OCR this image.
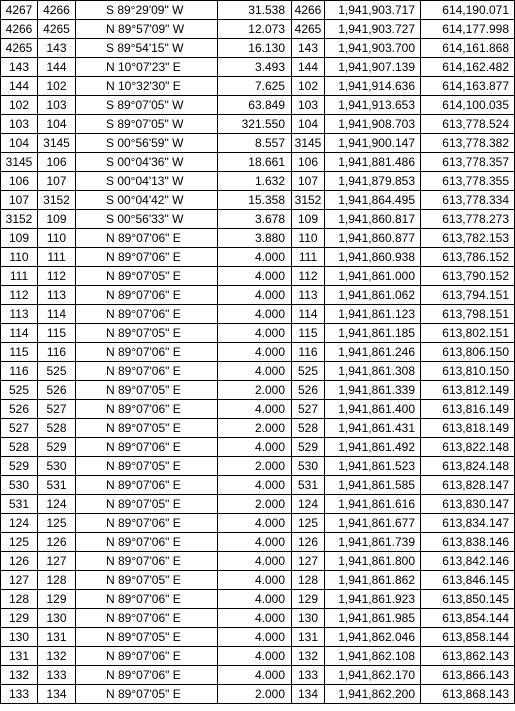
4267	4266	S 89°29'09" W	31.538	4266	1,941,903.717	614,190.071
4266	4265	N 89°57'09" W	12.073	4265	1,941,903.727	614,177.998
4265	143	S 89°54'15" W	16.130	143	1,941,903.700	614,161.868
143	144	N 10°07'23" E	3.493	144	1,941,907.139	614,162.482
144	102	N 10°32'30" E	7.625	102	1,941,914.636	614,163.877
102	103	S 89°07'05" W	63.849	103	1,941,913.653	614,100.035
103	104	S 89°07'05" W	321.550	104	1,941,908.703	613,778.524
104	3145	S 00°56'59" W	8.557	3145	1,941,900.147	613,778.382
3145	106	S 00°04'36" W	18.661	106	1,941,881.486	613,778.357
106	107	S 00°04'13" W	1.632	107	1,941,879.853	613,778.355
107	3152	S 00°04'42" W	15.358	3152	1,941,864.495	613,778.334
3152	109	S 00°56'33" W	3.678	109	1,941,860.817	613,778.273
109	110	N 89°07'06" E	3.880	110	1,941,860.877	613,782.153
110	111	N 89°07'06" E	4.000	111	1,941,860.938	613,786.152
111	112	N 89°07'05" E	4.000	112	1,941,861.000	613,790.152
112	113	N 89°07'06" E	4.000	113	1,941,861.062	613,794.151
113	114	N 89°07'06" E	4.000	114	1,941,861.123	613,798.151
114	115	N 89°07'05" E	4.000	115	1,941,861.185	613,802.151
115	116	N 89°07'06" E	4.000	116	1,941,861.246	613,806.150
116	525	N 89°07'06" E	4.000	525	1,941,861.308	613,810.150
525	526	N 89°07'05" E	2.000	526	1,941,861.339	613,812.149
526	527	N 89°07'06" E	4.000	527	1,941,861.400	613,816.149
527	528	N 89°07'05" E	2.000	528	1,941,861.431	613,818.149
528	529	N 89°07'06" E	4.000	529	1,941,861.492	613,822.148
529	530	N 89°07'05" E	2.000	530	1,941,861.523	613,824.148
530	531	N 89°07'06" E	4.000	531	1,941,861.585	613,828.147
531	124	N 89°07'05" E	2.000	124	1,941,861.616	613,830.147
124	125	N 89°07'06" E	4.000	125	1,941,861.677	613,834.147
125	126	N 89°07'06" E	4.000	126	1,941,861.739	613,838.146
126	127	N 89°07'06" E	4.000	127	1,941,861.800	613,842.146
127	128	N 89°07'05" E	4.000	128	1,941,861.862	613,846.145
128	129	N 89°07'06" E	4.000	129	1,941,861.923	613,850.145
129	130	N 89°07'06" E	4.000	130	1,941,861.985	613,854.144
130	131	N 89°07'05" E	4.000	131	1,941,862.046	613,858.144
131	132	N 89°07'06" E	4.000	132	1,941,862.108	613,862.143
132	133	N 89°07'06" E	4.000	133	1,941,862.170	613,866.143
133	134	N 89°07'05" E	2.000	134	1,941,862.200	613,868.143
